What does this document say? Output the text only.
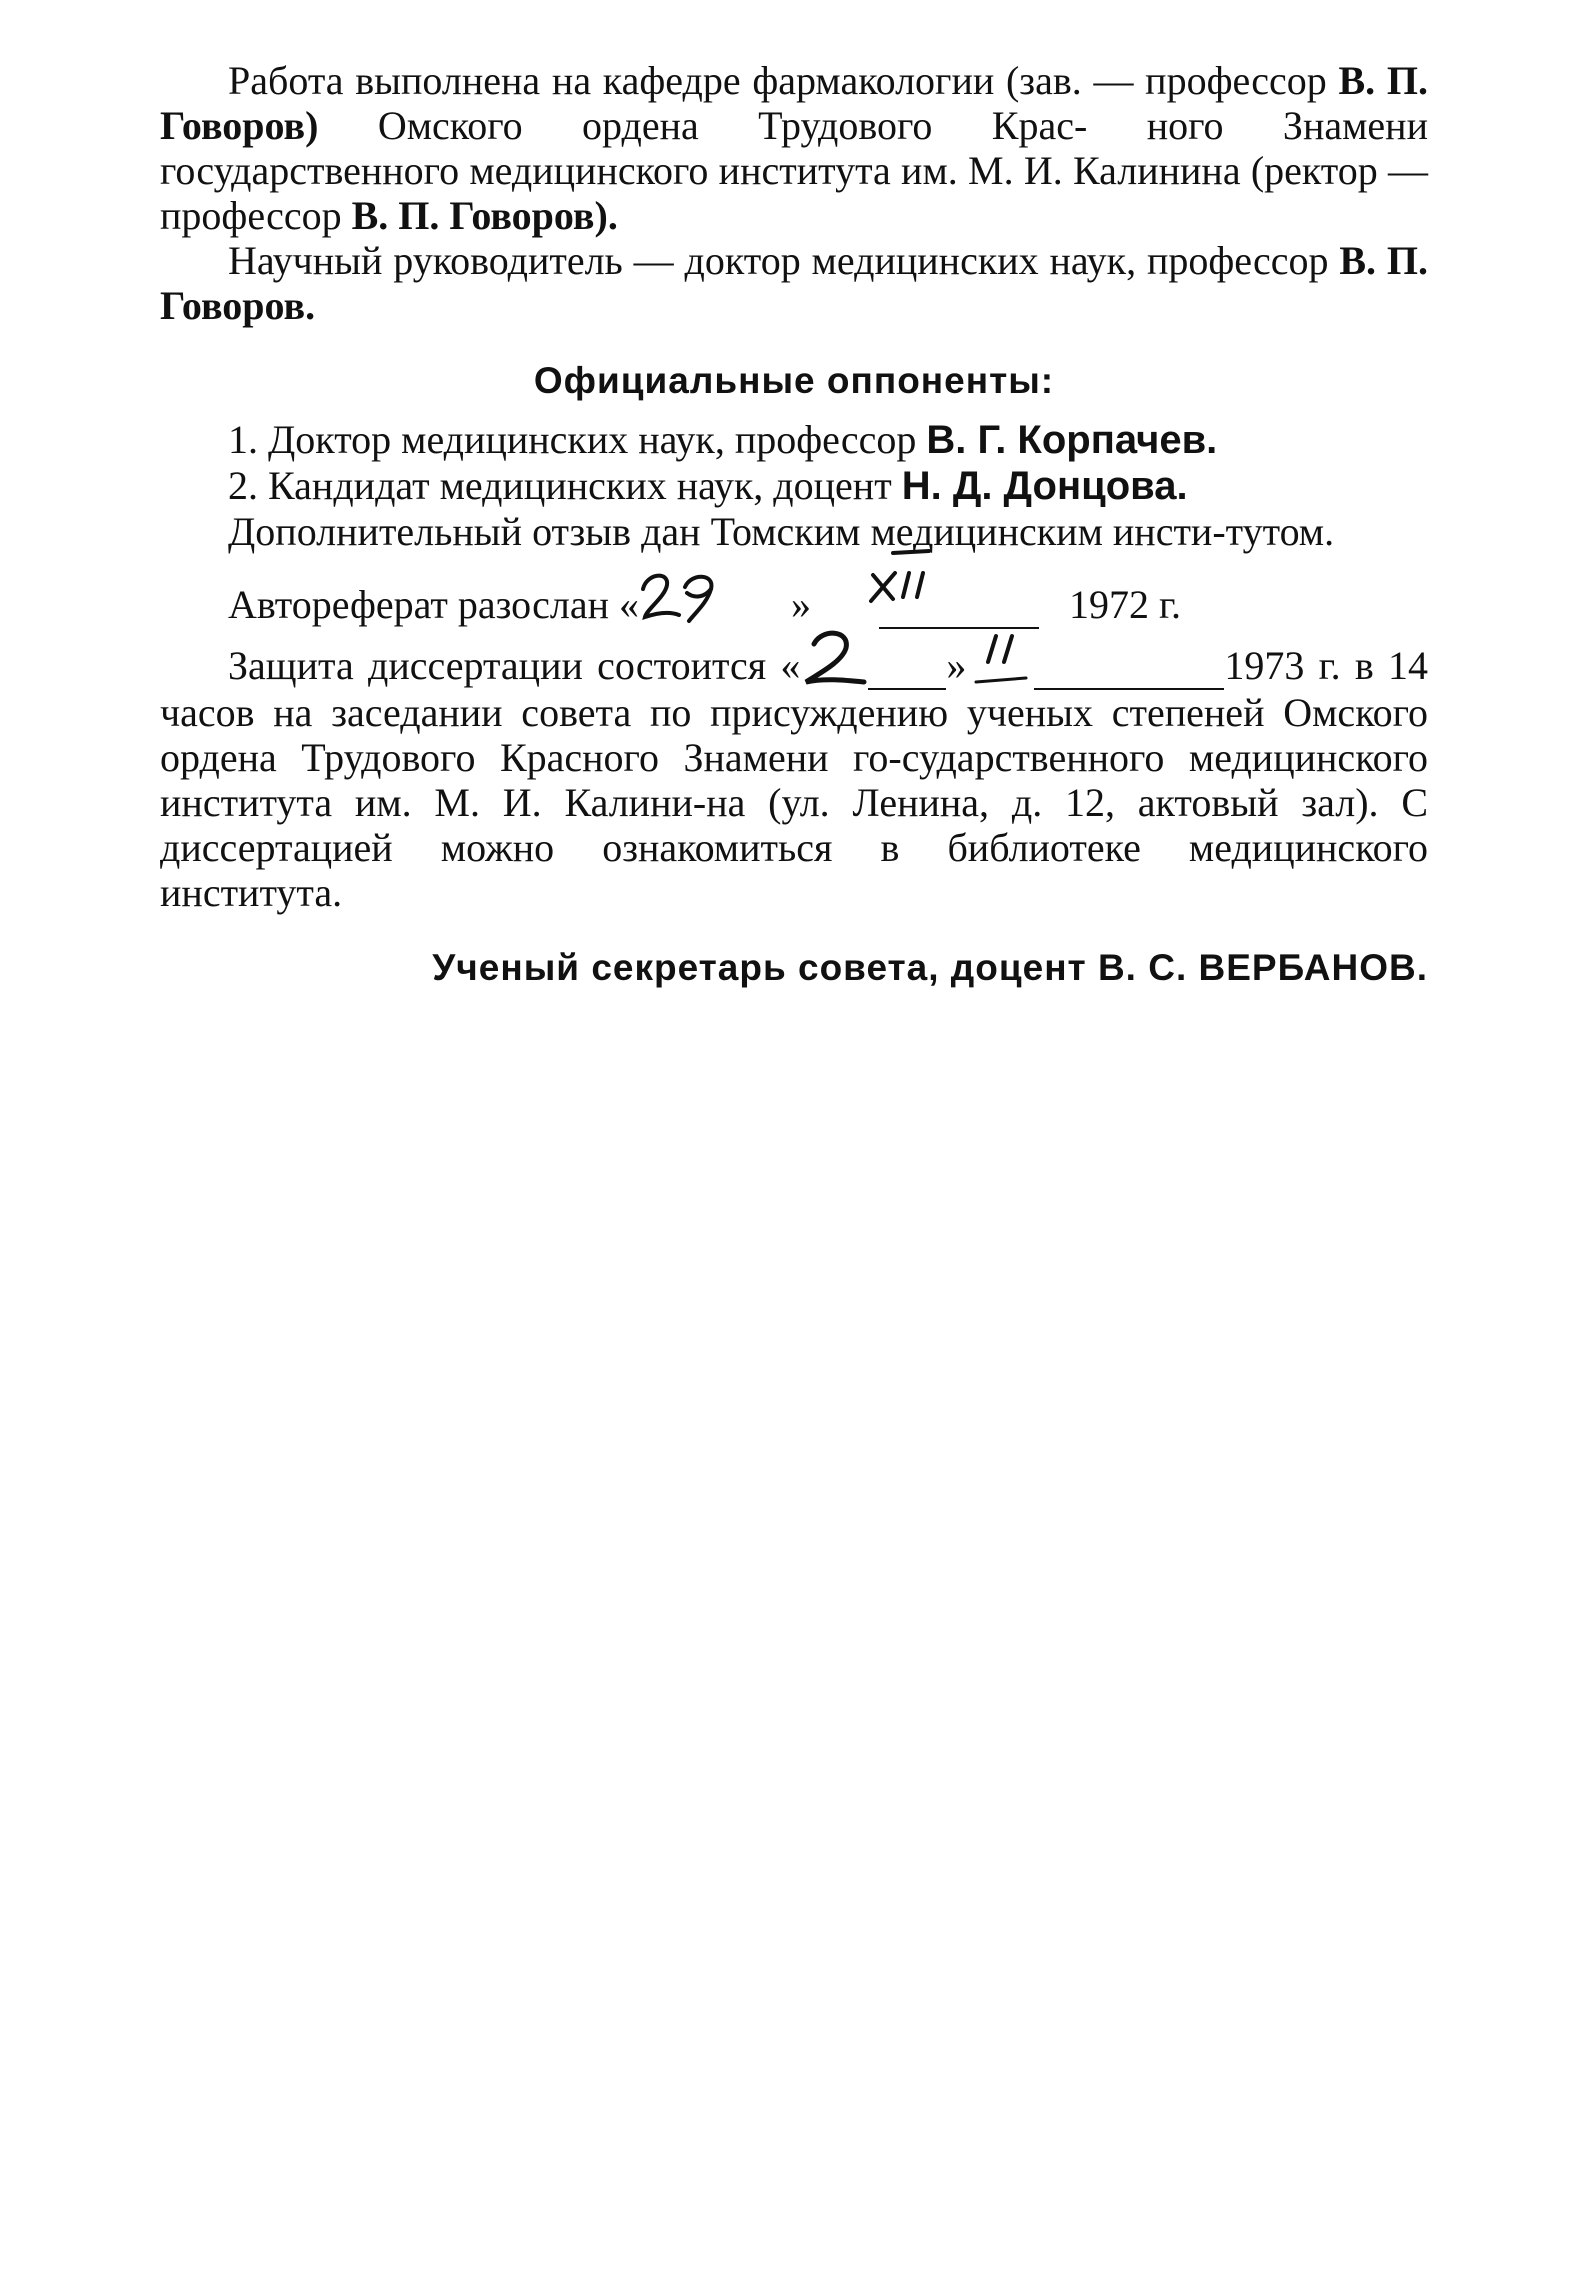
Работа выполнена на кафедре фармакологии (зав. — профессор В. П. Говоров) Омского ордена Трудового Крас- ного Знамени государственного медицинского института им. М. И. Калинина (ректор — профессор В. П. Говоров).

Научный руководитель — доктор медицинских наук, профессор В. П. Говоров.

Официальные оппоненты:

1. Доктор медицинских наук, профессор В. Г. Корпачев.

2. Кандидат медицинских наук, доцент Н. Д. Донцова.

Дополнительный отзыв дан Томским медицинским инсти-тутом.

Автореферат разослан «	29	»	XII	1972 г.

Защита диссертации состоится «	2	»	II	1973 г. в 14 часов на заседании совета по присуждению ученых степеней Омского ордена Трудового Красного Знамени го-сударственного медицинского института им. М. И. Калини-на (ул. Ленина, д. 12, актовый зал). С диссертацией можно ознакомиться в библиотеке медицинского института.

Ученый секретарь совета, доцент В. С. ВЕРБАНОВ.
